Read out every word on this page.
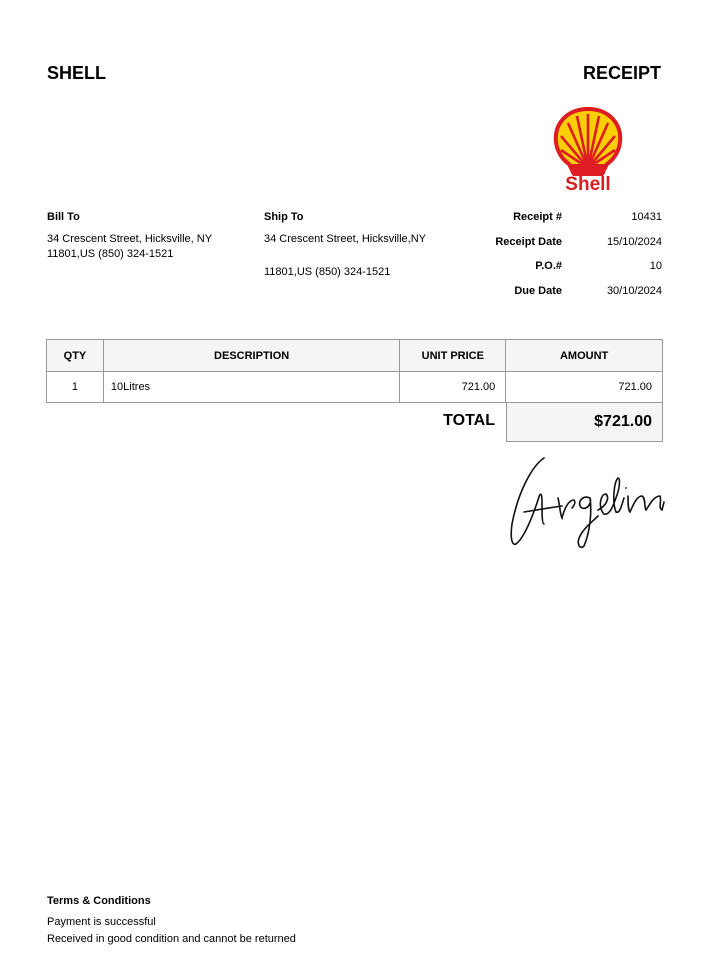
SHELL	RECEIPT
Shell
Bill To
34 Crescent Street, Hicksville, NY
11801,US (850) 324-1521
Ship To
34 Crescent Street, Hicksville,NY
11801,US (850) 324-1521
Receipt #	10431
Receipt Date	15/10/2024
P.O.#	10
Due Date	30/10/2024
QTY	DESCRIPTION	UNIT PRICE	AMOUNT
1	10Litres	721.00	721.00
TOTAL	$721.00
Terms & Conditions
Payment is successful
Received in good condition and cannot be returned
